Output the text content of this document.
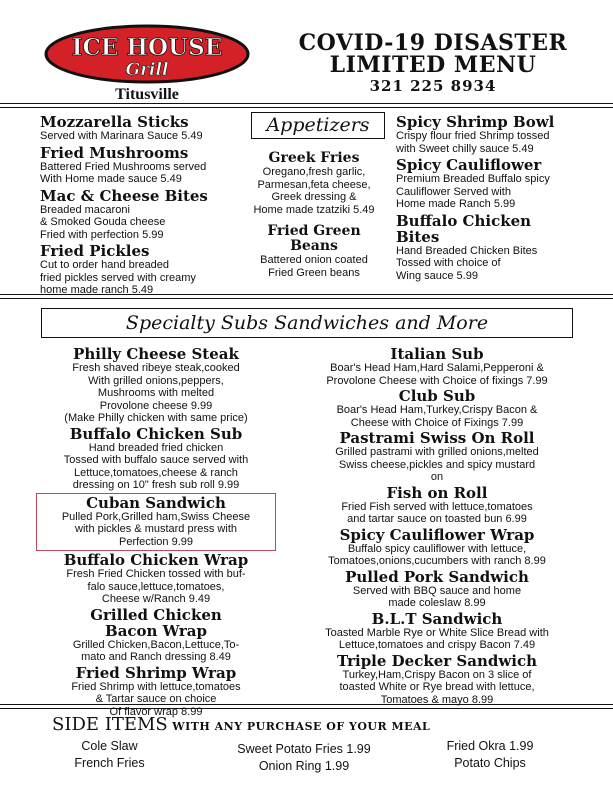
ICE HOUSE
Grill
Titusville
COVID-19 DISASTER
LIMITED MENU
321 225 8934
Appetizers
Mozzarella Sticks
Served with Marinara Sauce 5.49
Fried Mushrooms
Battered Fried Mushrooms served
With Home made sauce 5.49
Mac & Cheese Bites
Breaded macaroni
& Smoked Gouda cheese
Fried with perfection 5.99
Fried Pickles
Cut to order hand breaded
fried pickles served with creamy
home made ranch 5.49
Greek Fries
Oregano,fresh garlic,
Parmesan,feta cheese,
Greek dressing &
Home made tzatziki 5.49
Fried Green
Beans
Battered onion coated
Fried Green beans
Spicy Shrimp Bowl
Crispy flour fried Shrimp tossed
with Sweet chilly sauce 5.49
Spicy Cauliflower
Premium Breaded Buffalo spicy
Cauliflower Served with
Home made Ranch 5.99
Buffalo Chicken
Bites
Hand Breaded Chicken Bites
Tossed with choice of
Wing sauce 5.99
Specialty Subs Sandwiches and More
Philly Cheese Steak
Fresh shaved ribeye steak,cooked
With grilled onions,peppers,
Mushrooms with melted
Provolone cheese 9.99
(Make Philly chicken with same price)
Buffalo Chicken Sub
Hand breaded fried chicken
Tossed with buffalo sauce served with
Lettuce,tomatoes,cheese & ranch
dressing on 10" fresh sub roll 9.99
Cuban Sandwich
Pulled Pork,Grilled ham,Swiss Cheese
with pickles & mustard press with
Perfection 9.99
Buffalo Chicken Wrap
Fresh Fried Chicken tossed with buf-
falo sauce,lettuce,tomatoes,
Cheese w/Ranch 9.49
Grilled Chicken
Bacon Wrap
Grilled Chicken,Bacon,Lettuce,To-
mato and Ranch dressing 8.49
Fried Shrimp Wrap
Fried Shrimp with lettuce,tomatoes
& Tartar sauce on choice
Of flavor wrap 8.99
Italian Sub
Boar's Head Ham,Hard Salami,Pepperoni &
Provolone Cheese with Choice of fixings 7.99
Club Sub
Boar's Head Ham,Turkey,Crispy Bacon &
Cheese with Choice of Fixings 7.99
Pastrami Swiss On Roll
Grilled pastrami with grilled onions,melted
Swiss cheese,pickles and spicy mustard
on
Fish on Roll
Fried Fish served with lettuce,tomatoes
and tartar sauce on toasted bun 6.99
Spicy Cauliflower Wrap
Buffalo spicy cauliflower with lettuce,
Tomatoes,onions,cucumbers with ranch 8.99
Pulled Pork Sandwich
Served with BBQ sauce and home
made coleslaw 8.99
B.L.T Sandwich
Toasted Marble Rye or White Slice Bread with
Lettuce,tomatoes and crispy Bacon 7.49
Triple Decker Sandwich
Turkey,Ham,Crispy Bacon on 3 slice of
toasted White or Rye bread with lettuce,
Tomatoes & mayo 8.99
SIDE ITEMS WITH ANY PURCHASE OF YOUR MEAL
Cole Slaw
French Fries
Sweet Potato Fries 1.99
Onion Ring 1.99
Fried Okra 1.99
Potato Chips
